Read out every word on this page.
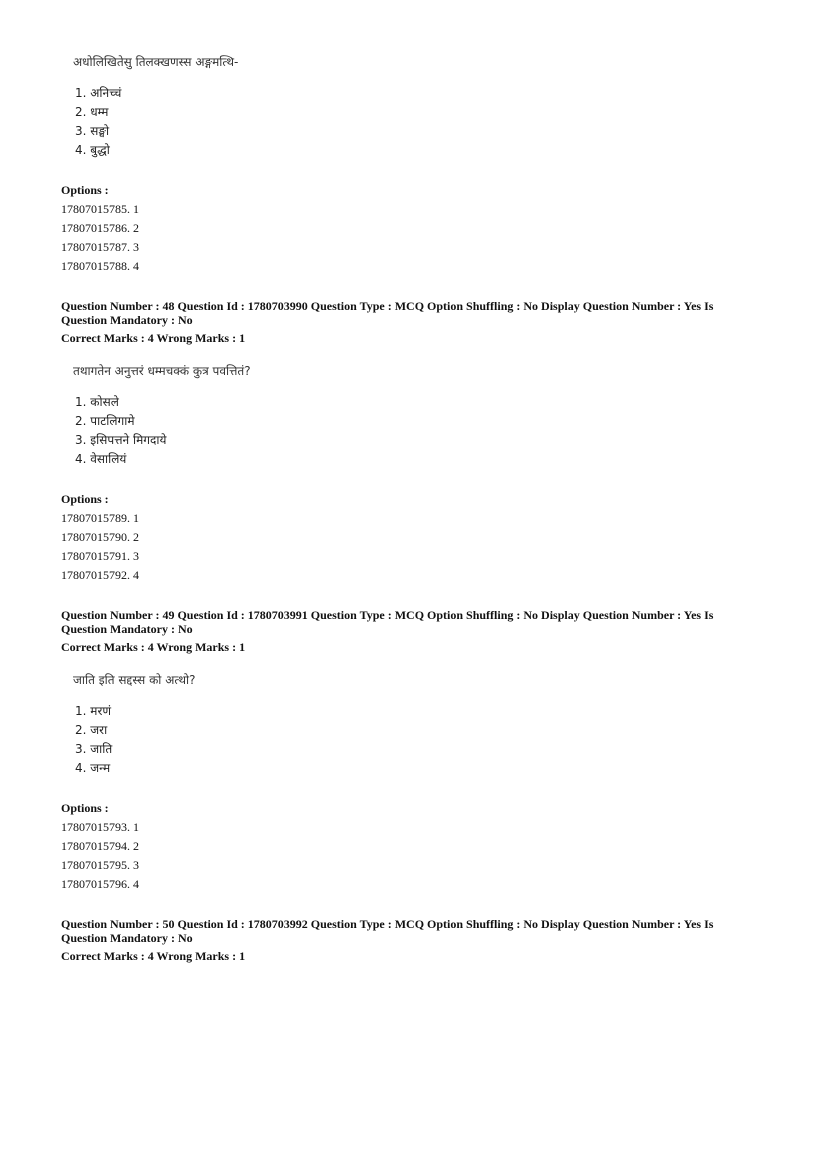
अधोलिखितेसु तिलक्खणस्स अङ्गमत्थि-
1. अनिच्चं
2. धम्म
3. सङ्घो
4. बुद्धो
Options :
17807015785. 1
17807015786. 2
17807015787. 3
17807015788. 4
Question Number : 48 Question Id : 1780703990 Question Type : MCQ Option Shuffling : No Display Question Number : Yes Is
Question Mandatory : No
Correct Marks : 4 Wrong Marks : 1
तथागतेन अनुत्तरं धम्मचक्कं कुत्र पवत्तितं?
1. कोसले
2. पाटलिगामे
3. इसिपत्तने मिगदाये
4. वेसालियं
Options :
17807015789. 1
17807015790. 2
17807015791. 3
17807015792. 4
Question Number : 49 Question Id : 1780703991 Question Type : MCQ Option Shuffling : No Display Question Number : Yes Is
Question Mandatory : No
Correct Marks : 4 Wrong Marks : 1
जाति इति सद्दस्स को अत्थो?
1. मरणं
2. जरा
3. जाति
4. जन्म
Options :
17807015793. 1
17807015794. 2
17807015795. 3
17807015796. 4
Question Number : 50 Question Id : 1780703992 Question Type : MCQ Option Shuffling : No Display Question Number : Yes Is
Question Mandatory : No
Correct Marks : 4 Wrong Marks : 1
